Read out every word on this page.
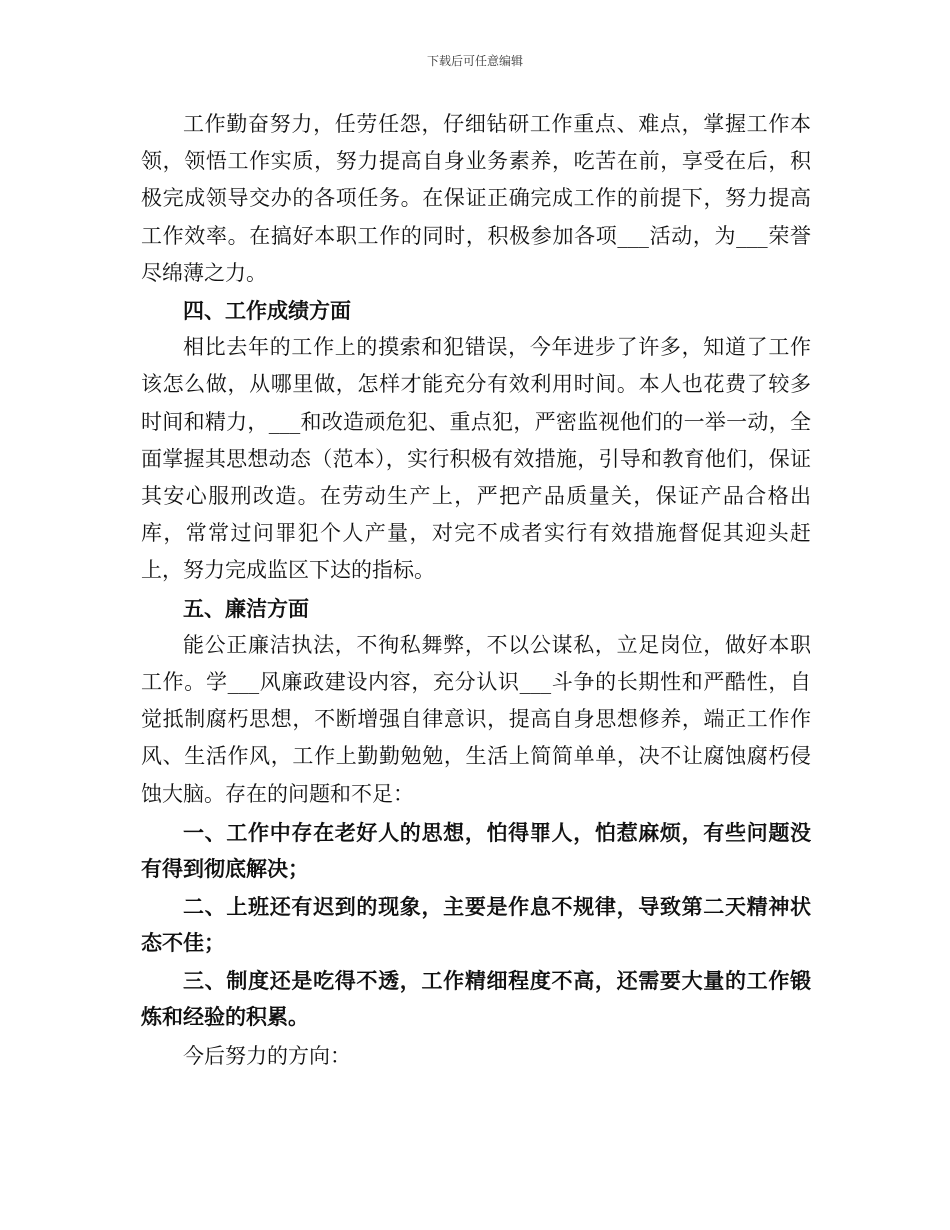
下载后可任意编辑

工作勤奋努力，任劳任怨，仔细钻研工作重点、难点，掌握工作本领，领悟工作实质，努力提高自身业务素养，吃苦在前，享受在后，积极完成领导交办的各项任务。在保证正确完成工作的前提下，努力提高工作效率。在搞好本职工作的同时，积极参加各项___活动，为___荣誉尽绵薄之力。

四、工作成绩方面

相比去年的工作上的摸索和犯错误，今年进步了许多，知道了工作该怎么做，从哪里做，怎样才能充分有效利用时间。本人也花费了较多时间和精力，___和改造顽危犯、重点犯，严密监视他们的一举一动，全面掌握其思想动态（范本），实行积极有效措施，引导和教育他们，保证其安心服刑改造。在劳动生产上，严把产品质量关，保证产品合格出库，常常过问罪犯个人产量，对完不成者实行有效措施督促其迎头赶上，努力完成监区下达的指标。

五、廉洁方面

能公正廉洁执法，不徇私舞弊，不以公谋私，立足岗位，做好本职工作。学___风廉政建设内容，充分认识___斗争的长期性和严酷性，自觉抵制腐朽思想，不断增强自律意识，提高自身思想修养，端正工作作风、生活作风，工作上勤勤勉勉，生活上简简单单，决不让腐蚀腐朽侵蚀大脑。存在的问题和不足：

一、工作中存在老好人的思想，怕得罪人，怕惹麻烦，有些问题没有得到彻底解决；

二、上班还有迟到的现象，主要是作息不规律，导致第二天精神状态不佳；

三、制度还是吃得不透，工作精细程度不高，还需要大量的工作锻炼和经验的积累。

今后努力的方向：
